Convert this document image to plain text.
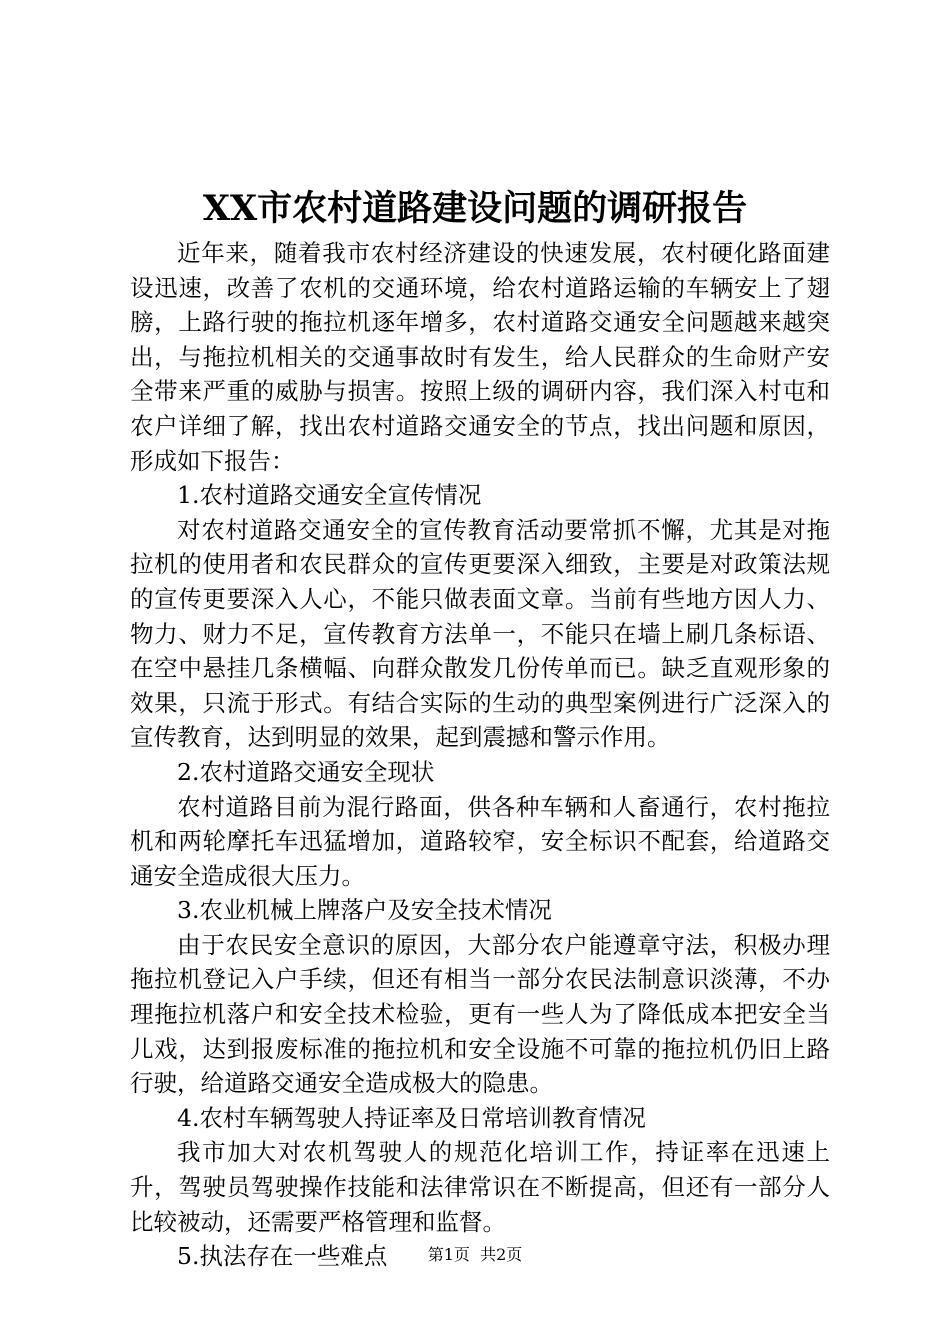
XX市农村道路建设问题的调研报告

近年来，随着我市农村经济建设的快速发展，农村硬化路面建设迅速，改善了农机的交通环境，给农村道路运输的车辆安上了翅膀，上路行驶的拖拉机逐年增多，农村道路交通安全问题越来越突出，与拖拉机相关的交通事故时有发生，给人民群众的生命财产安全带来严重的威胁与损害。按照上级的调研内容，我们深入村屯和农户详细了解，找出农村道路交通安全的节点，找出问题和原因，形成如下报告：

1.农村道路交通安全宣传情况

对农村道路交通安全的宣传教育活动要常抓不懈，尤其是对拖拉机的使用者和农民群众的宣传更要深入细致，主要是对政策法规的宣传更要深入人心，不能只做表面文章。当前有些地方因人力、物力、财力不足，宣传教育方法单一，不能只在墙上刷几条标语、在空中悬挂几条横幅、向群众散发几份传单而已。缺乏直观形象的效果，只流于形式。有结合实际的生动的典型案例进行广泛深入的宣传教育，达到明显的效果，起到震撼和警示作用。

2.农村道路交通安全现状

农村道路目前为混行路面，供各种车辆和人畜通行，农村拖拉机和两轮摩托车迅猛增加，道路较窄，安全标识不配套，给道路交通安全造成很大压力。

3.农业机械上牌落户及安全技术情况

由于农民安全意识的原因，大部分农户能遵章守法，积极办理拖拉机登记入户手续，但还有相当一部分农民法制意识淡薄，不办理拖拉机落户和安全技术检验，更有一些人为了降低成本把安全当儿戏，达到报废标准的拖拉机和安全设施不可靠的拖拉机仍旧上路行驶，给道路交通安全造成极大的隐患。

4.农村车辆驾驶人持证率及日常培训教育情况

我市加大对农机驾驶人的规范化培训工作，持证率在迅速上升，驾驶员驾驶操作技能和法律常识在不断提高，但还有一部分人比较被动，还需要严格管理和监督。

5.执法存在一些难点	第1页 共2页
